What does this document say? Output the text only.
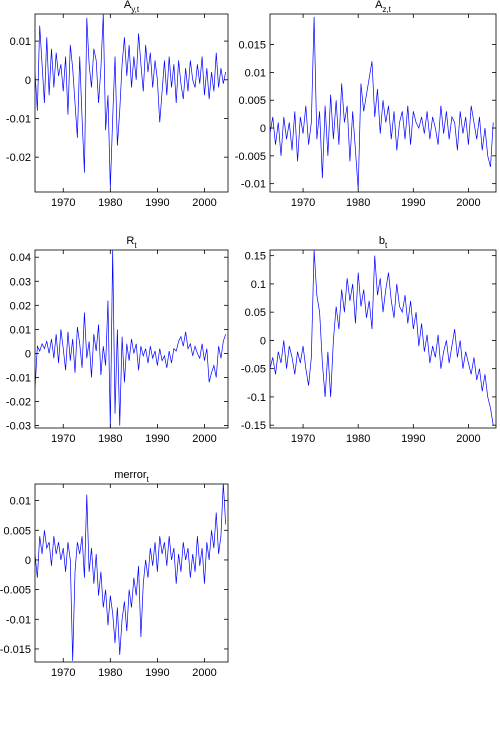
1970 1980 1990 2000
0.01
0
-0.01
-0.02
$A_{y,t}$
1970	1980	1990	2000
0.015
0.01
0.005
0
-0.005
-0.01
$A_{z,t}$
1970 1980 1990 2000
0.04
0.03
0.02
0.01
0
-0.01
-0.02
-0.03
$R_t$
1970	1980	1990	2000
0.15
0.1
0.05
0
-0.05
-0.1
-0.15
$b_t$
1970 1980 1990 2000
0.01
0.005
0
-0.005
-0.01
-0.015
merror$_t$
